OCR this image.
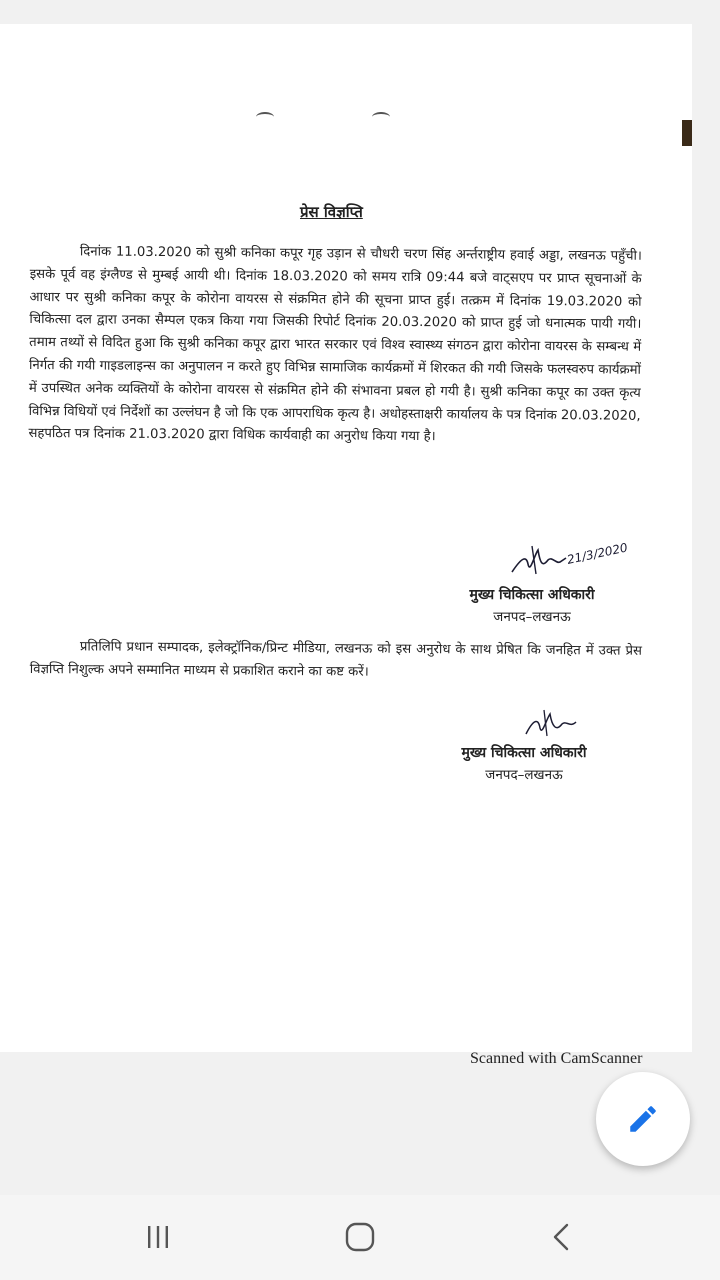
प्रेस विज्ञप्ति

दिनांक 11.03.2020 को सुश्री कनिका कपूर गृह उड़ान से चौधरी चरण सिंह अर्न्तराष्ट्रीय हवाई अड्डा, लखनऊ पहुँची। इसके पूर्व वह इंग्लैण्ड से मुम्बई आयी थी। दिनांक 18.03.2020 को समय रात्रि 09:44 बजे वाट्सएप पर प्राप्त सूचनाओं के आधार पर सुश्री कनिका कपूर के कोरोना वायरस से संक्रमित होने की सूचना प्राप्त हुई। तत्क्रम में दिनांक 19.03.2020 को चिकित्सा दल द्वारा उनका सैम्पल एकत्र किया गया जिसकी रिपोर्ट दिनांक 20.03.2020 को प्राप्त हुई जो धनात्मक पायी गयी। तमाम तथ्यों से विदित हुआ कि सुश्री कनिका कपूर द्वारा भारत सरकार एवं विश्व स्वास्थ्य संगठन द्वारा कोरोना वायरस के सम्बन्ध में निर्गत की गयी गाइडलाइन्स का अनुपालन न करते हुए विभिन्न सामाजिक कार्यक्रमों में शिरकत की गयी जिसके फलस्वरुप कार्यक्रमों में उपस्थित अनेक व्यक्तियों के कोरोना वायरस से संक्रमित होने की संभावना प्रबल हो गयी है। सुश्री कनिका कपूर का उक्त कृत्य विभिन्न विधियों एवं निर्देशों का उल्लंघन है जो कि एक आपराधिक कृत्य है। अधोहस्ताक्षरी कार्यालय के पत्र दिनांक 20.03.2020, सहपठित पत्र दिनांक 21.03.2020 द्वारा विधिक कार्यवाही का अनुरोध किया गया है।

21/3/2020
मुख्य चिकित्सा अधिकारी
जनपद–लखनऊ

प्रतिलिपि प्रधान सम्पादक, इलेक्ट्रॉनिक/प्रिन्ट मीडिया, लखनऊ को इस अनुरोध के साथ प्रेषित कि जनहित में उक्त प्रेस विज्ञप्ति निशुल्क अपने सम्मानित माध्यम से प्रकाशित कराने का कष्ट करें।

मुख्य चिकित्सा अधिकारी
जनपद–लखनऊ
Scanned with CamScanner
